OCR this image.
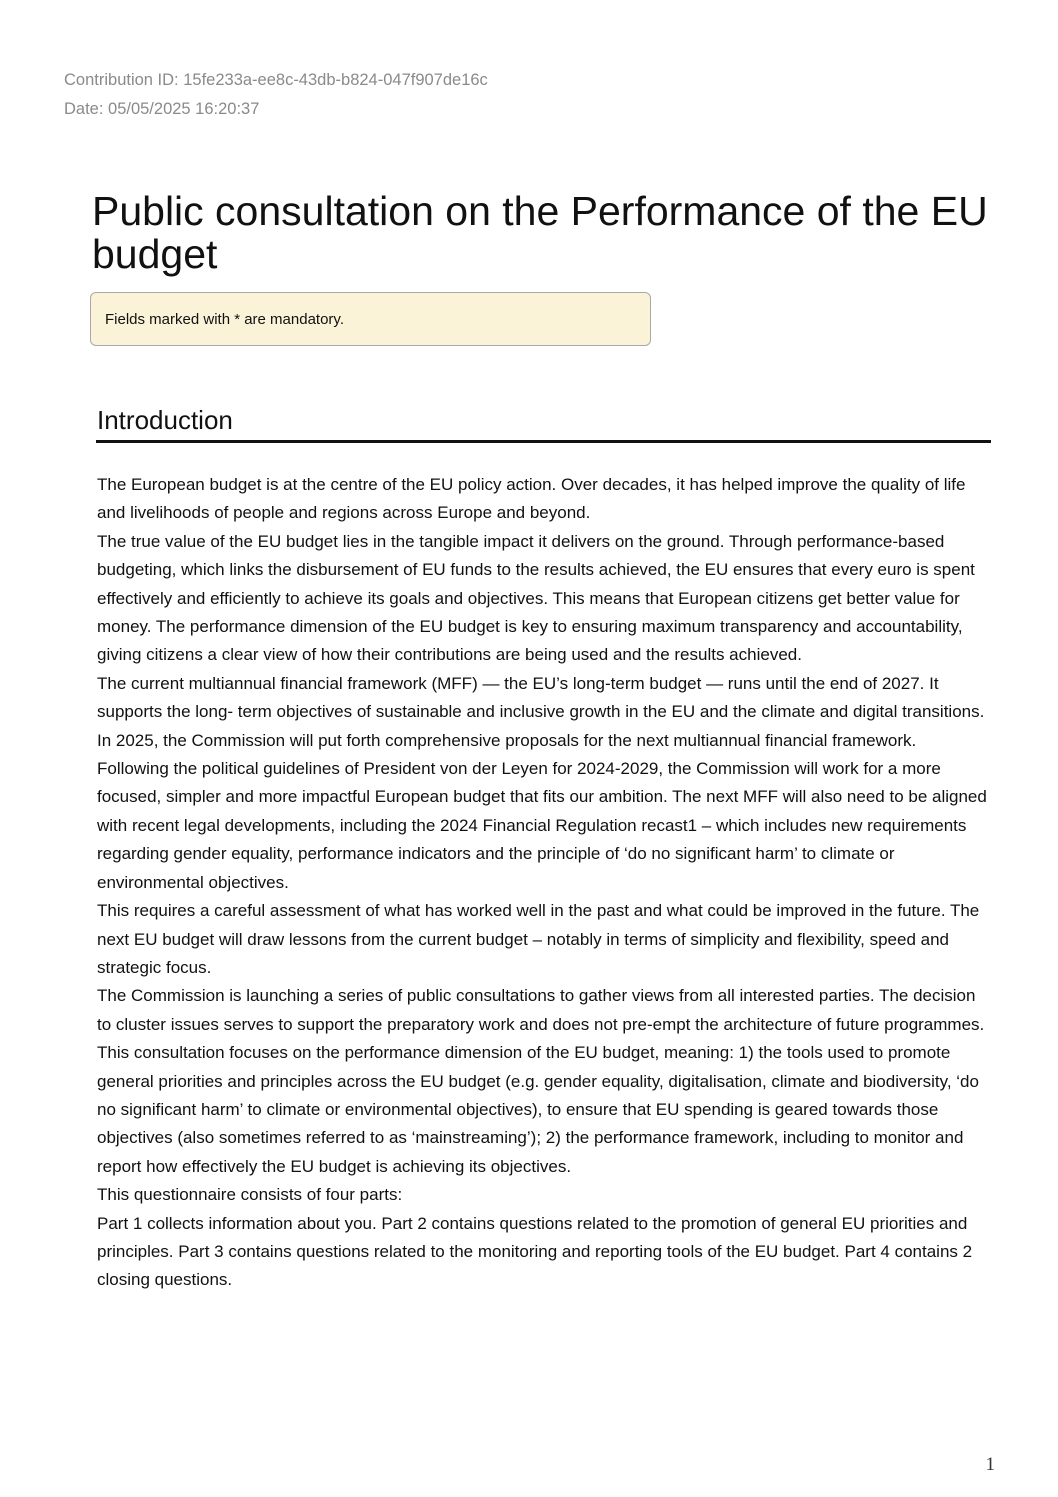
Contribution ID: 15fe233a-ee8c-43db-b824-047f907de16c
Date: 05/05/2025 16:20:37
Public consultation on the Performance of the EU budget
Fields marked with * are mandatory.
Introduction

The European budget is at the centre of the EU policy action. Over decades, it has helped improve the quality of life and livelihoods of people and regions across Europe and beyond.

The true value of the EU budget lies in the tangible impact it delivers on the ground. Through performance-based budgeting, which links the disbursement of EU funds to the results achieved, the EU ensures that every euro is spent effectively and efficiently to achieve its goals and objectives. This means that European citizens get better value for money. The performance dimension of the EU budget is key to ensuring maximum transparency and accountability, giving citizens a clear view of how their contributions are being used and the results achieved.

The current multiannual financial framework (MFF) — the EU’s long-term budget — runs until the end of 2027. It supports the long- term objectives of sustainable and inclusive growth in the EU and the climate and digital transitions. In 2025, the Commission will put forth comprehensive proposals for the next multiannual financial framework.

Following the political guidelines of President von der Leyen for 2024-2029, the Commission will work for a more focused, simpler and more impactful European budget that fits our ambition. The next MFF will also need to be aligned with recent legal developments, including the 2024 Financial Regulation recast1 – which includes new requirements regarding gender equality, performance indicators and the principle of ‘do no significant harm’ to climate or environmental objectives.

This requires a careful assessment of what has worked well in the past and what could be improved in the future. The next EU budget will draw lessons from the current budget – notably in terms of simplicity and flexibility, speed and strategic focus.

The Commission is launching a series of public consultations to gather views from all interested parties. The decision to cluster issues serves to support the preparatory work and does not pre-empt the architecture of future programmes. This consultation focuses on the performance dimension of the EU budget, meaning: 1) the tools used to promote general priorities and principles across the EU budget (e.g. gender equality, digitalisation, climate and biodiversity, ‘do no significant harm’ to climate or environmental objectives), to ensure that EU spending is geared towards those objectives (also sometimes referred to as ‘mainstreaming’); 2) the performance framework, including to monitor and report how effectively the EU budget is achieving its objectives.

This questionnaire consists of four parts:

Part 1 collects information about you. Part 2 contains questions related to the promotion of general EU priorities and principles. Part 3 contains questions related to the monitoring and reporting tools of the EU budget. Part 4 contains 2 closing questions.

1
